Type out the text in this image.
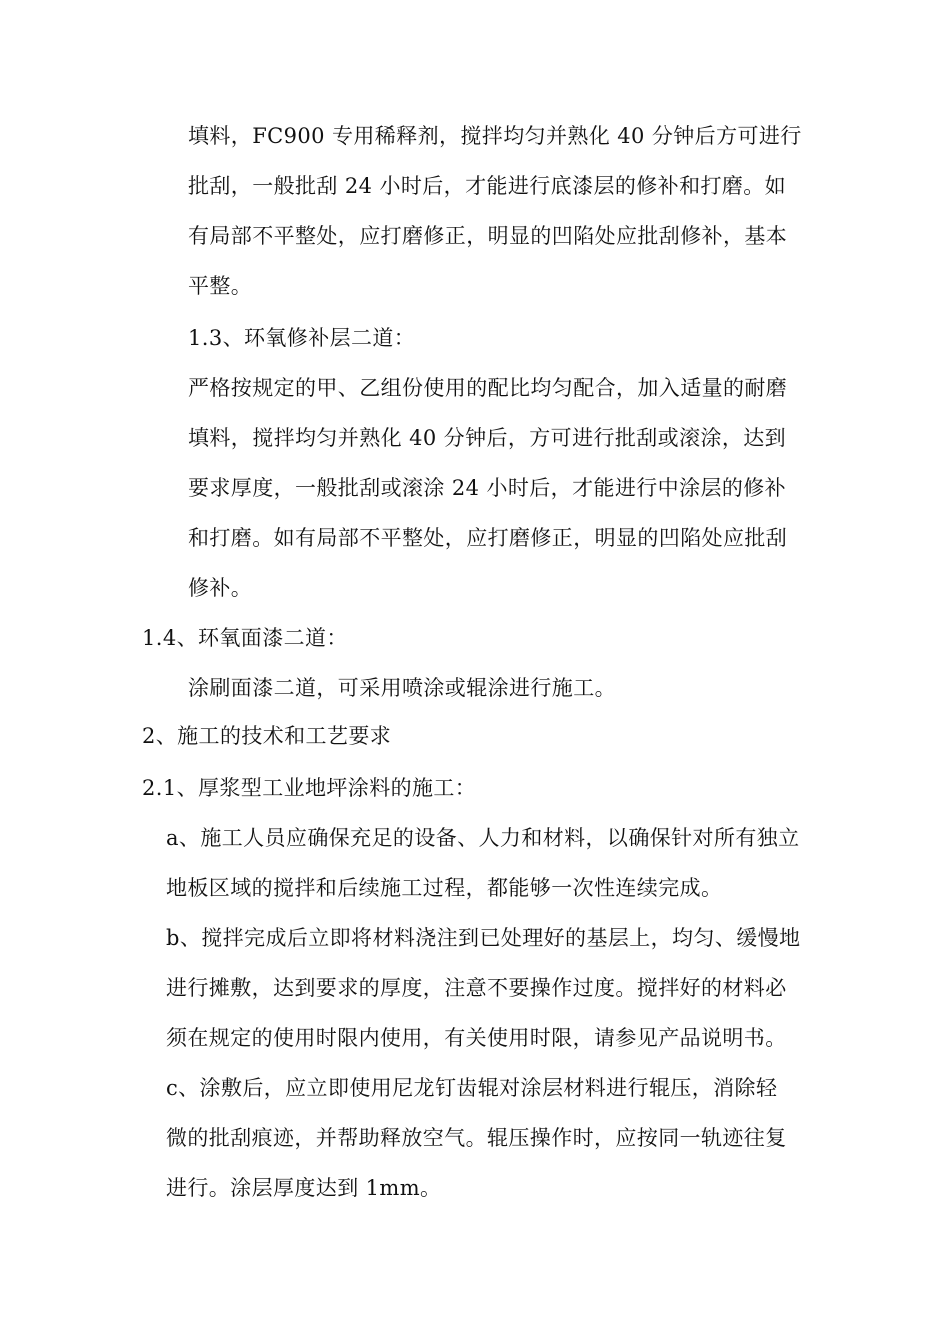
填料，FC900 专用稀释剂，搅拌均匀并熟化 40 分钟后方可进行
批刮，一般批刮 24 小时后，才能进行底漆层的修补和打磨。如
有局部不平整处，应打磨修正，明显的凹陷处应批刮修补，基本
平整。
1.3、环氧修补层二道：
严格按规定的甲、乙组份使用的配比均匀配合，加入适量的耐磨
填料，搅拌均匀并熟化 40 分钟后，方可进行批刮或滚涂，达到
要求厚度，一般批刮或滚涂 24 小时后，才能进行中涂层的修补
和打磨。如有局部不平整处，应打磨修正，明显的凹陷处应批刮
修补。
1.4、环氧面漆二道：
涂刷面漆二道，可采用喷涂或辊涂进行施工。
2、施工的技术和工艺要求
2.1、厚浆型工业地坪涂料的施工：
a、施工人员应确保充足的设备、人力和材料，以确保针对所有独立
地板区域的搅拌和后续施工过程，都能够一次性连续完成。
b、搅拌完成后立即将材料浇注到已处理好的基层上，均匀、缓慢地
进行摊敷，达到要求的厚度，注意不要操作过度。搅拌好的材料必
须在规定的使用时限内使用，有关使用时限，请参见产品说明书。
c、涂敷后，应立即使用尼龙钉齿辊对涂层材料进行辊压，消除轻
微的批刮痕迹，并帮助释放空气。辊压操作时，应按同一轨迹往复
进行。涂层厚度达到 1mm。
